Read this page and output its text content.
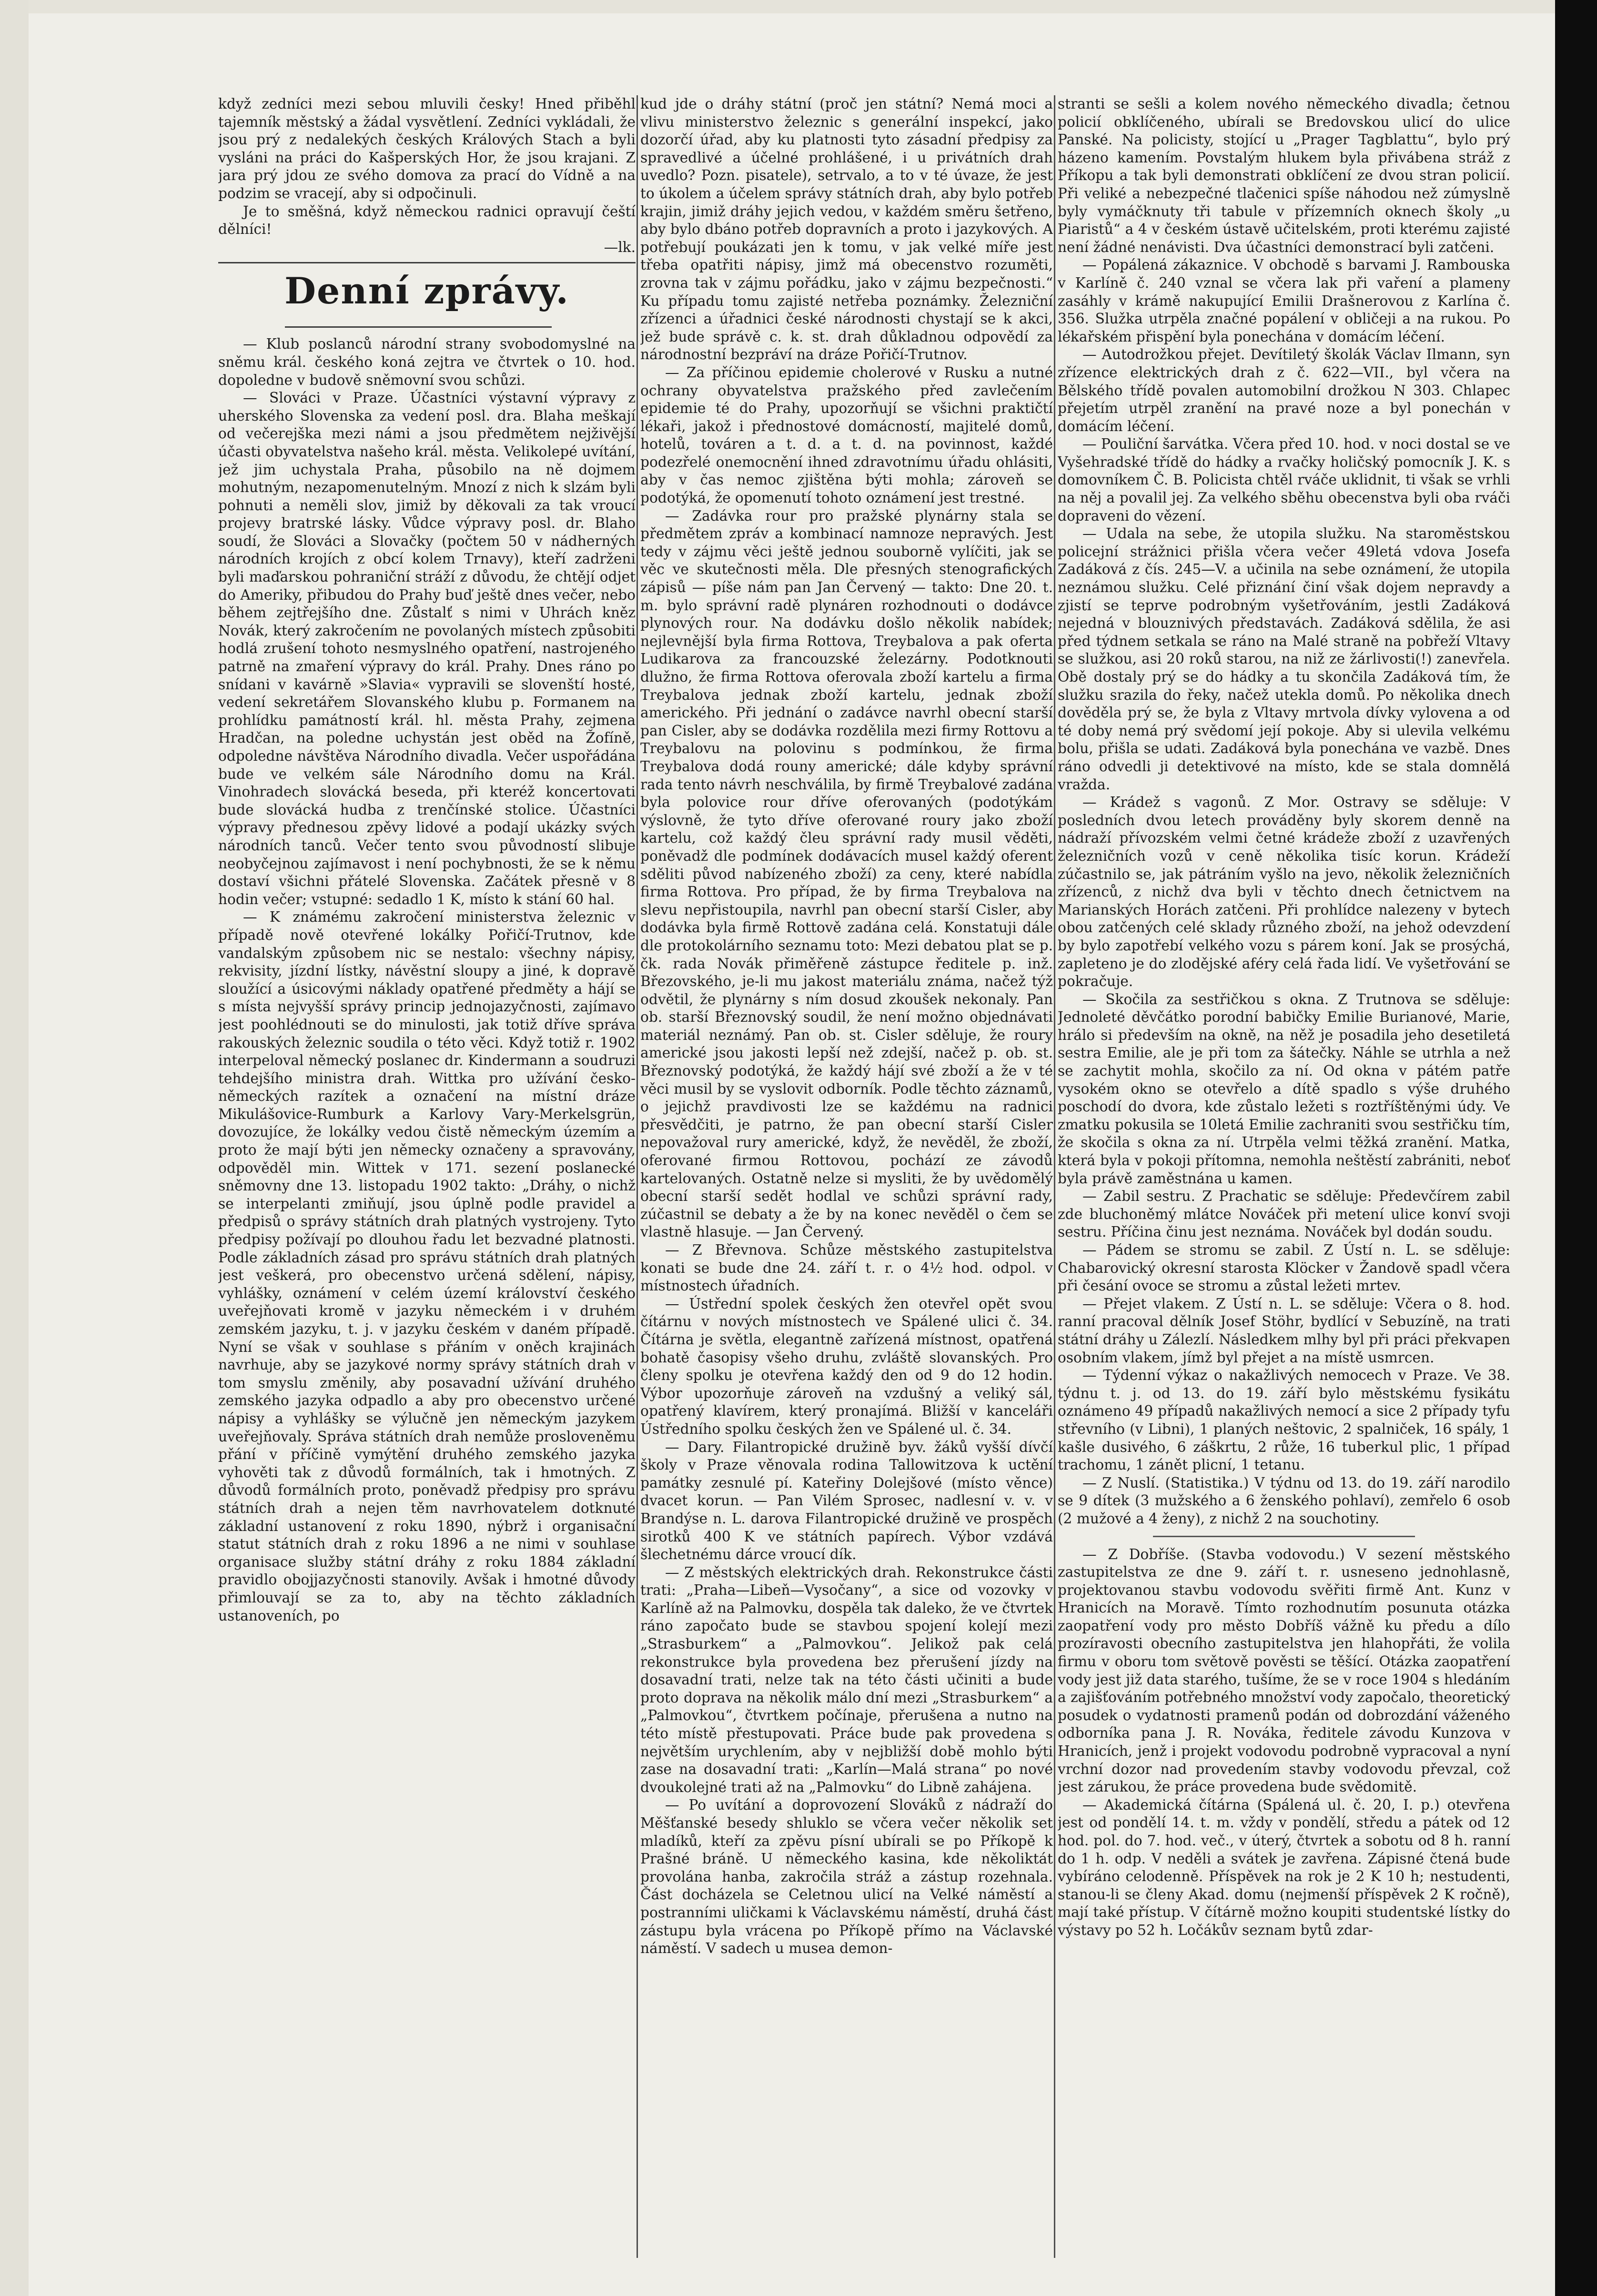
když zedníci mezi sebou mluvili česky! Hned přiběhl tajemník městský a žádal vysvětlení. Zedníci vykládali, že jsou prý z nedalekých českých Králových Stach a byli vysláni na práci do Kašperských Hor, že jsou krajani. Z jara prý jdou ze svého domova za prací do Vídně a na podzim se vracejí, aby si odpočinuli.

Je to směšná, když německou radnici opravují čeští dělníci!

—lk.

Denní zprávy.

— Klub poslanců národní strany svobodomyslné na sněmu král. českého koná zejtra ve čtvrtek o 10. hod. dopoledne v budově sněmovní svou schůzi.

— Slováci v Praze. Účastníci výstavní výpravy z uherského Slovenska za vedení posl. dra. Blaha meškají od večerejška mezi námi a jsou předmětem nejživější účasti obyvatelstva našeho král. města. Velikolepé uvítání, jež jim uchystala Praha, působilo na ně dojmem mohutným, nezapomenutelným. Mnozí z nich k slzám byli pohnuti a neměli slov, jimiž by děkovali za tak vroucí projevy bratrské lásky. Vůdce výpravy posl. dr. Blaho soudí, že Slováci a Slovačky (počtem 50 v nádherných národních krojích z obcí kolem Trnavy), kteří zadrženi byli maďarskou pohraniční stráží z důvodu, že chtějí odjet do Ameriky, přibudou do Prahy buď ještě dnes večer, nebo během zejtřejšího dne. Zůstalť s nimi v Uhrách kněz Novák, který zakročením ne povolaných místech způsobiti hodlá zrušení tohoto nesmyslného opatření, nastrojeného patrně na zmaření výpravy do král. Prahy. Dnes ráno po snídani v kavárně »Slavia« vypravili se slovenští hosté, vedení sekretářem Slovanského klubu p. Formanem na prohlídku památností král. hl. města Prahy, zejmena Hradčan, na poledne uchystán jest oběd na Žofíně, odpoledne návštěva Národního divadla. Večer uspořádána bude ve velkém sále Národního domu na Král. Vinohradech slovácká beseda, při kteréž koncertovati bude slovácká hudba z trenčínské stolice. Účastníci výpravy přednesou zpěvy lidové a podají ukázky svých národních tanců. Večer tento svou původností slibuje neobyčejnou zajímavost i není pochybnosti, že se k němu dostaví všichni přátelé Slovenska. Začátek přesně v 8 hodin večer; vstupné: sedadlo 1 K, místo k stání 60 hal.

— K známému zakročení ministerstva železnic v případě nově otevřené lokálky Pořičí-Trutnov, kde vandalským způsobem nic se nestalo: všechny nápisy, rekvisity, jízdní lístky, návěstní sloupy a jiné, k dopravě sloužící a úsicovými náklady opatřené předměty a hájí se s místa nejvyšší správy princip jednojazyčnosti, zajímavo jest poohlédnouti se do minulosti, jak totiž dříve správa rakouských železnic soudila o této věci. Když totiž r. 1902 interpeloval německý poslanec dr. Kindermann a soudruzi tehdejšího ministra drah. Wittka pro užívání česko-německých razítek a označení na místní dráze Mikulášovice-Rumburk a Karlovy Vary-Merkelsgrün, dovozujíce, že lokálky vedou čistě německým územím a proto že mají býti jen německy označeny a spravovány, odpověděl min. Wittek v 171. sezení poslanecké sněmovny dne 13. listopadu 1902 takto: „Dráhy, o nichž se interpelanti zmiňují, jsou úplně podle pravidel a předpisů o správy státních drah platných vystrojeny. Tyto předpisy požívají po dlouhou řadu let bezvadné platnosti. Podle základních zásad pro správu státních drah platných jest veškerá, pro obecenstvo určená sdělení, nápisy, vyhlášky, oznámení v celém území království českého uveřejňovati kromě v jazyku německém i v druhém zemském jazyku, t. j. v jazyku českém v daném případě. Nyní se však v souhlase s přáním v oněch krajinách navrhuje, aby se jazykové normy správy státních drah v tom smyslu změnily, aby posavadní užívání druhého zemského jazyka odpadlo a aby pro obecenstvo určené nápisy a vyhlášky se výlučně jen německým jazykem uveřejňovaly. Správa státních drah nemůže prosloveněmu přání v příčině vymýtění druhého zemského jazyka vyhověti tak z důvodů formálních, tak i hmotných. Z důvodů formálních proto, poněvadž předpisy pro správu státních drah a nejen těm navrhovatelem dotknuté základní ustanovení z roku 1890, nýbrž i organisační statut státních drah z roku 1896 a ne nimi v souhlase organisace služby státní dráhy z roku 1884 základní pravidlo obojjazyčnosti stanovily. Avšak i hmotné důvody přimlouvají se za to, aby na těchto základních ustanoveních, po

kud jde o dráhy státní (proč jen státní? Nemá moci a vlivu ministerstvo železnic s generální inspekcí, jako dozorčí úřad, aby ku platnosti tyto zásadní předpisy za spravedlivé a účelné prohlášené, i u privátních drah uvedlo? Pozn. pisatele), setrvalo, a to v té úvaze, že jest to úkolem a účelem správy státních drah, aby bylo potřeb krajin, jimiž dráhy jejich vedou, v každém směru šetřeno, aby bylo dbáno potřeb dopravních a proto i jazykových. A potřebují poukázati jen k tomu, v jak velké míře jest třeba opatřiti nápisy, jimž má obecenstvo rozuměti, zrovna tak v zájmu pořádku, jako v zájmu bezpečnosti.“ Ku případu tomu zajisté netřeba poznámky. Železniční zřízenci a úřadnici české národnosti chystají se k akci, jež bude správě c. k. st. drah důkladnou odpovědí za národnostní bezpráví na dráze Pořičí-Trutnov.

— Za příčinou epidemie cholerové v Rusku a nutné ochrany obyvatelstva pražského před zavlečením epidemie té do Prahy, upozorňují se všichni praktičtí lékaři, jakož i přednostové domácností, majitelé domů, hotelů, továren a t. d. a t. d. na povinnost, každé podezřelé onemocnění ihned zdravotnímu úřadu ohlásiti, aby v čas nemoc zjištěna býti mohla; zároveň se podotýká, že opomenutí tohoto oznámení jest trestné.

— Zadávka rour pro pražské plynárny stala se předmětem zpráv a kombinací namnoze nepravých. Jest tedy v zájmu věci ještě jednou souborně vylíčiti, jak se věc ve skutečnosti měla. Dle přesných stenografických zápisů — píše nám pan Jan Červený — takto: Dne 20. t. m. bylo správní radě plynáren rozhodnouti o dodávce plynových rour. Na dodávku došlo několik nabídek; nejlevnější byla firma Rottova, Treybalova a pak oferta Ludikarova za francouzské železárny. Podotknouti dlužno, že firma Rottova oferovala zboží kartelu a firma Treybalova jednak zboží kartelu, jednak zboží amerického. Při jednání o zadávce navrhl obecní starší pan Cisler, aby se dodávka rozdělila mezi firmy Rottovu a Treybalovu na polovinu s podmínkou, že firma Treybalova dodá rouny americké; dále kdyby správní rada tento návrh neschválila, by firmě Treybalové zadána byla polovice rour dříve oferovaných (podotýkám výslovně, že tyto dříve oferované roury jako zboží kartelu, což každý čleu správní rady musil věděti, poněvadž dle podmínek dodávacích musel každý oferent sděliti původ nabízeného zboží) za ceny, které nabídla firma Rottova. Pro případ, že by firma Treybalova na slevu nepřistoupila, navrhl pan obecní starší Cisler, aby dodávka byla firmě Rottově zadána celá. Konstatuji dále dle protokolárního seznamu toto: Mezi debatou plat se p. čk. rada Novák přiměřeně zástupce ředitele p. inž. Březovského, je-li mu jakost materiálu známa, načež týž odvětil, že plynárny s ním dosud zkoušek nekonaly. Pan ob. starší Březnovský soudil, že není možno objednávati materiál neznámý. Pan ob. st. Cisler sděluje, že roury americké jsou jakosti lepší než zdejší, načež p. ob. st. Březnovský podotýká, že každý hájí své zboží a že v té věci musil by se vyslovit odborník. Podle těchto záznamů, o jejichž pravdivosti lze se každému na radnici přesvědčiti, je patrno, že pan obecní starší Cisler nepovažoval rury americké, když, že nevěděl, že zboží, oferované firmou Rottovou, pochází ze závodů kartelovaných. Ostatně nelze si mysliti, že by uvědomělý obecní starší sedět hodlal ve schůzi správní rady, zúčastnil se debaty a že by na konec nevěděl o čem se vlastně hlasuje. — Jan Červený.

— Z Břevnova. Schůze městského zastupitelstva konati se bude dne 24. září t. r. o 4½ hod. odpol. v místnostech úřadních.

— Ústřední spolek českých žen otevřel opět svou čítárnu v nových místnostech ve Spálené ulici č. 34. Čítárna je světla, elegantně zařízená místnost, opatřená bohatě časopisy všeho druhu, zvláště slovanských. Pro členy spolku je otevřena každý den od 9 do 12 hodin. Výbor upozorňuje zároveň na vzdušný a veliký sál, opatřený klavírem, který pronajímá. Bližší v kanceláři Ústředního spolku českých žen ve Spálené ul. č. 34.

— Dary. Filantropické družině byv. žáků vyšší dívčí školy v Praze věnovala rodina Tallowitzova k uctění památky zesnulé pí. Kateřiny Dolejšové (místo věnce) dvacet korun. — Pan Vilém Sprosec, nadlesní v. v. v Brandýse n. L. darova Filantropické družině ve prospěch sirotků 400 K ve státních papírech. Výbor vzdává šlechetnému dárce vroucí dík.

— Z městských elektrických drah. Rekonstrukce části trati: „Praha—Libeň—Vysočany“, a sice od vozovky v Karlíně až na Palmovku, dospěla tak daleko, že ve čtvrtek ráno započato bude se stavbou spojení kolejí mezi „Strasburkem“ a „Palmovkou“. Jelikož pak celá rekonstrukce byla provedena bez přerušení jízdy na dosavadní trati, nelze tak na této části učiniti a bude proto doprava na několik málo dní mezi „Strasburkem“ a „Palmovkou“, čtvrtkem počínaje, přerušena a nutno na této místě přestupovati. Práce bude pak provedena s největším urychlením, aby v nejbližší době mohlo býti zase na dosavadní trati: „Karlín—Malá strana“ po nové dvoukolejné trati až na „Palmovku“ do Libně zahájena.

— Po uvítání a doprovození Slováků z nádraží do Měšťanské besedy shluklo se včera večer několik set mladíků, kteří za zpěvu písní ubírali se po Příkopě k Prašné bráně. U německého kasina, kde několiktát provolána hanba, zakročila stráž a zástup rozehnala. Část docházela se Celetnou ulicí na Velké náměstí a postranními uličkami k Václavskému náměstí, druhá část zástupu byla vrácena po Příkopě přímo na Václavské náměstí. V sadech u musea demon-

stranti se sešli a kolem nového německého divadla; četnou policií obklíčeného, ubírali se Bredovskou ulicí do ulice Panské. Na policisty, stojící u „Prager Tagblattu“, bylo prý házeno kamením. Povstalým hlukem byla přivábena stráž z Příkopu a tak byli demonstrati obklíčení ze dvou stran policií. Při veliké a nebezpečné tlačenici spíše náhodou než zúmyslně byly vymáčknuty tři tabule v přízemních oknech školy „u Piaristů“ a 4 v českém ústavě učitelském, proti kterému zajisté není žádné nenávisti. Dva účastníci demonstrací byli zatčeni.

— Popálená zákaznice. V obchodě s barvami J. Rambouska v Karlíně č. 240 vznal se včera lak při vaření a plameny zasáhly v krámě nakupující Emilii Drašnerovou z Karlína č. 356. Služka utrpěla značné popálení v obličeji a na rukou. Po lékařském přispění byla ponechána v domácím léčení.

— Autodrožkou přejet. Devítiletý školák Václav Ilmann, syn zřízence elektrických drah z č. 622—VII., byl včera na Bělského třídě povalen automobilní drožkou N 303. Chlapec přejetím utrpěl zranění na pravé noze a byl ponechán v domácím léčení.

— Pouliční šarvátka. Včera před 10. hod. v noci dostal se ve Vyšehradské třídě do hádky a rvačky holičský pomocník J. K. s domovníkem Č. B. Policista chtěl rváče uklidnit, ti však se vrhli na něj a povalil jej. Za velkého sběhu obecenstva byli oba rváči dopraveni do vězení.

— Udala na sebe, že utopila služku. Na staroměstskou policejní strážnici přišla včera večer 49letá vdova Josefa Zadáková z čís. 245—V. a učinila na sebe oznámení, že utopila neznámou služku. Celé přiznání činí však dojem nepravdy a zjistí se teprve podrobným vyšetřováním, jestli Zadáková nejedná v blouznivých představách. Zadáková sdělila, že asi před týdnem setkala se ráno na Malé straně na pobřeží Vltavy se služkou, asi 20 roků starou, na niž ze žárlivosti(!) zanevřela. Obě dostaly prý se do hádky a tu skončila Zadáková tím, že služku srazila do řeky, načež utekla domů. Po několika dnech dověděla prý se, že byla z Vltavy mrtvola dívky vylovena a od té doby nemá prý svědomí její pokoje. Aby si ulevila velkému bolu, přišla se udati. Zadáková byla ponechána ve vazbě. Dnes ráno odvedli ji detektivové na místo, kde se stala domnělá vražda.

— Krádež s vagonů. Z Mor. Ostravy se sděluje: V posledních dvou letech prováděny byly skorem denně na nádraží přívozském velmi četné krádeže zboží z uzavřených železničních vozů v ceně několika tisíc korun. Krádeží zúčastnilo se, jak pátráním vyšlo na jevo, několik železničních zřízenců, z nichž dva byli v těchto dnech četnictvem na Marianských Horách zatčeni. Při prohlídce nalezeny v bytech obou zatčených celé sklady různého zboží, na jehož odevzdení by bylo zapotřebí velkého vozu s párem koní. Jak se prosýchá, zapleteno je do zlodějské aféry celá řada lidí. Ve vyšetřování se pokračuje.

— Skočila za sestřičkou s okna. Z Trutnova se sděluje: Jednoleté děvčátko porodní babičky Emilie Burianové, Marie, hrálo si především na okně, na něž je posadila jeho desetiletá sestra Emilie, ale je při tom za šátečky. Náhle se utrhla a než se zachytit mohla, skočilo za ní. Od okna v pátém patře vysokém okno se otevřelo a dítě spadlo s výše druhého poschodí do dvora, kde zůstalo ležeti s roztříštěnými údy. Ve zmatku pokusila se 10letá Emilie zachraniti svou sestřičku tím, že skočila s okna za ní. Utrpěla velmi těžká zranění. Matka, která byla v pokoji přítomna, nemohla neštěstí zabrániti, neboť byla právě zaměstnána u kamen.

— Zabil sestru. Z Prachatic se sděluje: Předevčírem zabil zde bluchoněmý mlátce Nováček při metení ulice konví svoji sestru. Příčina činu jest neznáma. Nováček byl dodán soudu.

— Pádem se stromu se zabil. Z Ústí n. L. se sděluje: Chabarovický okresní starosta Klöcker v Žandově spadl včera při česání ovoce se stromu a zůstal ležeti mrtev.

— Přejet vlakem. Z Ústí n. L. se sděluje: Včera o 8. hod. ranní pracoval dělník Josef Stöhr, bydlící v Sebuzíně, na trati státní dráhy u Zálezlí. Následkem mlhy byl při práci překvapen osobním vlakem, jímž byl přejet a na místě usmrcen.

— Týdenní výkaz o nakažlivých nemocech v Praze. Ve 38. týdnu t. j. od 13. do 19. září bylo městskému fysikátu oznámeno 49 případů nakažlivých nemocí a sice 2 případy tyfu střevního (v Libni), 1 planých neštovic, 2 spalniček, 16 spály, 1 kašle dusivého, 6 záškrtu, 2 růže, 16 tuberkul plic, 1 případ trachomu, 1 zánět plicní, 1 tetanu.

— Z Nuslí. (Statistika.) V týdnu od 13. do 19. září narodilo se 9 dítek (3 mužského a 6 ženského pohlaví), zemřelo 6 osob (2 mužové a 4 ženy), z nichž 2 na souchotiny.

— Z Dobříše. (Stavba vodovodu.) V sezení městského zastupitelstva ze dne 9. září t. r. usneseno jednohlasně, projektovanou stavbu vodovodu svěřiti firmě Ant. Kunz v Hranicích na Moravě. Tímto rozhodnutím posunuta otázka zaopatření vody pro město Dobříš vážně ku předu a dílo prozíravosti obecního zastupitelstva jen hlahopřáti, že volila firmu v oboru tom světově pověsti se těšící. Otázka zaopatření vody jest již data starého, tušíme, že se v roce 1904 s hledáním a zajišťováním potřebného množství vody započalo, theoretický posudek o vydatnosti pramenů podán od dobrozdání váženého odborníka pana J. R. Nováka, ředitele závodu Kunzova v Hranicích, jenž i projekt vodovodu podrobně vypracoval a nyní vrchní dozor nad provedením stavby vodovodu převzal, což jest zárukou, že práce provedena bude svědomitě.

— Akademická čítárna (Spálená ul. č. 20, I. p.) otevřena jest od pondělí 14. t. m. vždy v pondělí, středu a pátek od 12 hod. pol. do 7. hod. več., v úterý, čtvrtek a sobotu od 8 h. ranní do 1 h. odp. V neděli a svátek je zavřena. Zápisné čtená bude vybíráno celodenně. Příspěvek na rok je 2 K 10 h; nestudenti, stanou-li se členy Akad. domu (nejmenší příspěvek 2 K ročně), mají také přístup. V čítárně možno koupiti studentské lístky do výstavy po 52 h. Ločákův seznam bytů zdar-
